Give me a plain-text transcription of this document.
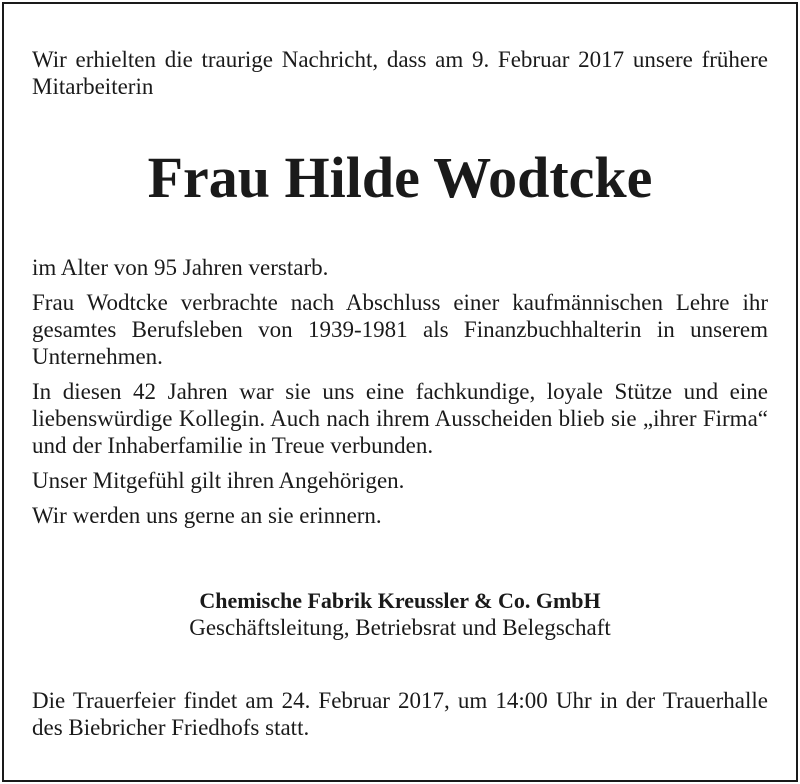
Wir erhielten die traurige Nachricht, dass am 9. Februar 2017 unsere frühere Mitarbeiterin

Frau Hilde Wodtcke

im Alter von 95 Jahren verstarb.

Frau Wodtcke verbrachte nach Abschluss einer kaufmännischen Lehre ihr gesamtes Berufsleben von 1939-1981 als Finanzbuchhalterin in unserem Unternehmen.

In diesen 42 Jahren war sie uns eine fachkundige, loyale Stütze und eine liebenswürdige Kollegin. Auch nach ihrem Ausscheiden blieb sie „ihrer Firma“ und der Inhaberfamilie in Treue verbunden.

Unser Mitgefühl gilt ihren Angehörigen.

Wir werden uns gerne an sie erinnern.

Chemische Fabrik Kreussler & Co. GmbH
Geschäftsleitung, Betriebsrat und Belegschaft

Die Trauerfeier findet am 24. Februar 2017, um 14:00 Uhr in der Trauerhalle des Biebricher Friedhofs statt.
